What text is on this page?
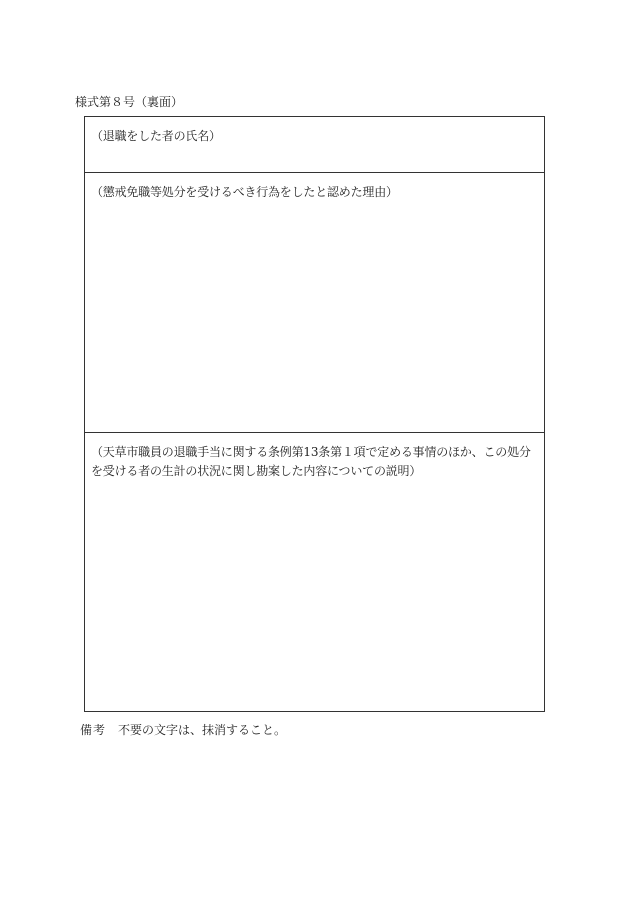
様式第８号（裏面）
（退職をした者の氏名）
（懲戒免職等処分を受けるべき行為をしたと認めた理由）
（天草市職員の退職手当に関する条例第13条第１項で定める事情のほか、この処分を受ける者の生計の状況に関し勘案した内容についての説明）
備考 不要の文字は、抹消すること。
